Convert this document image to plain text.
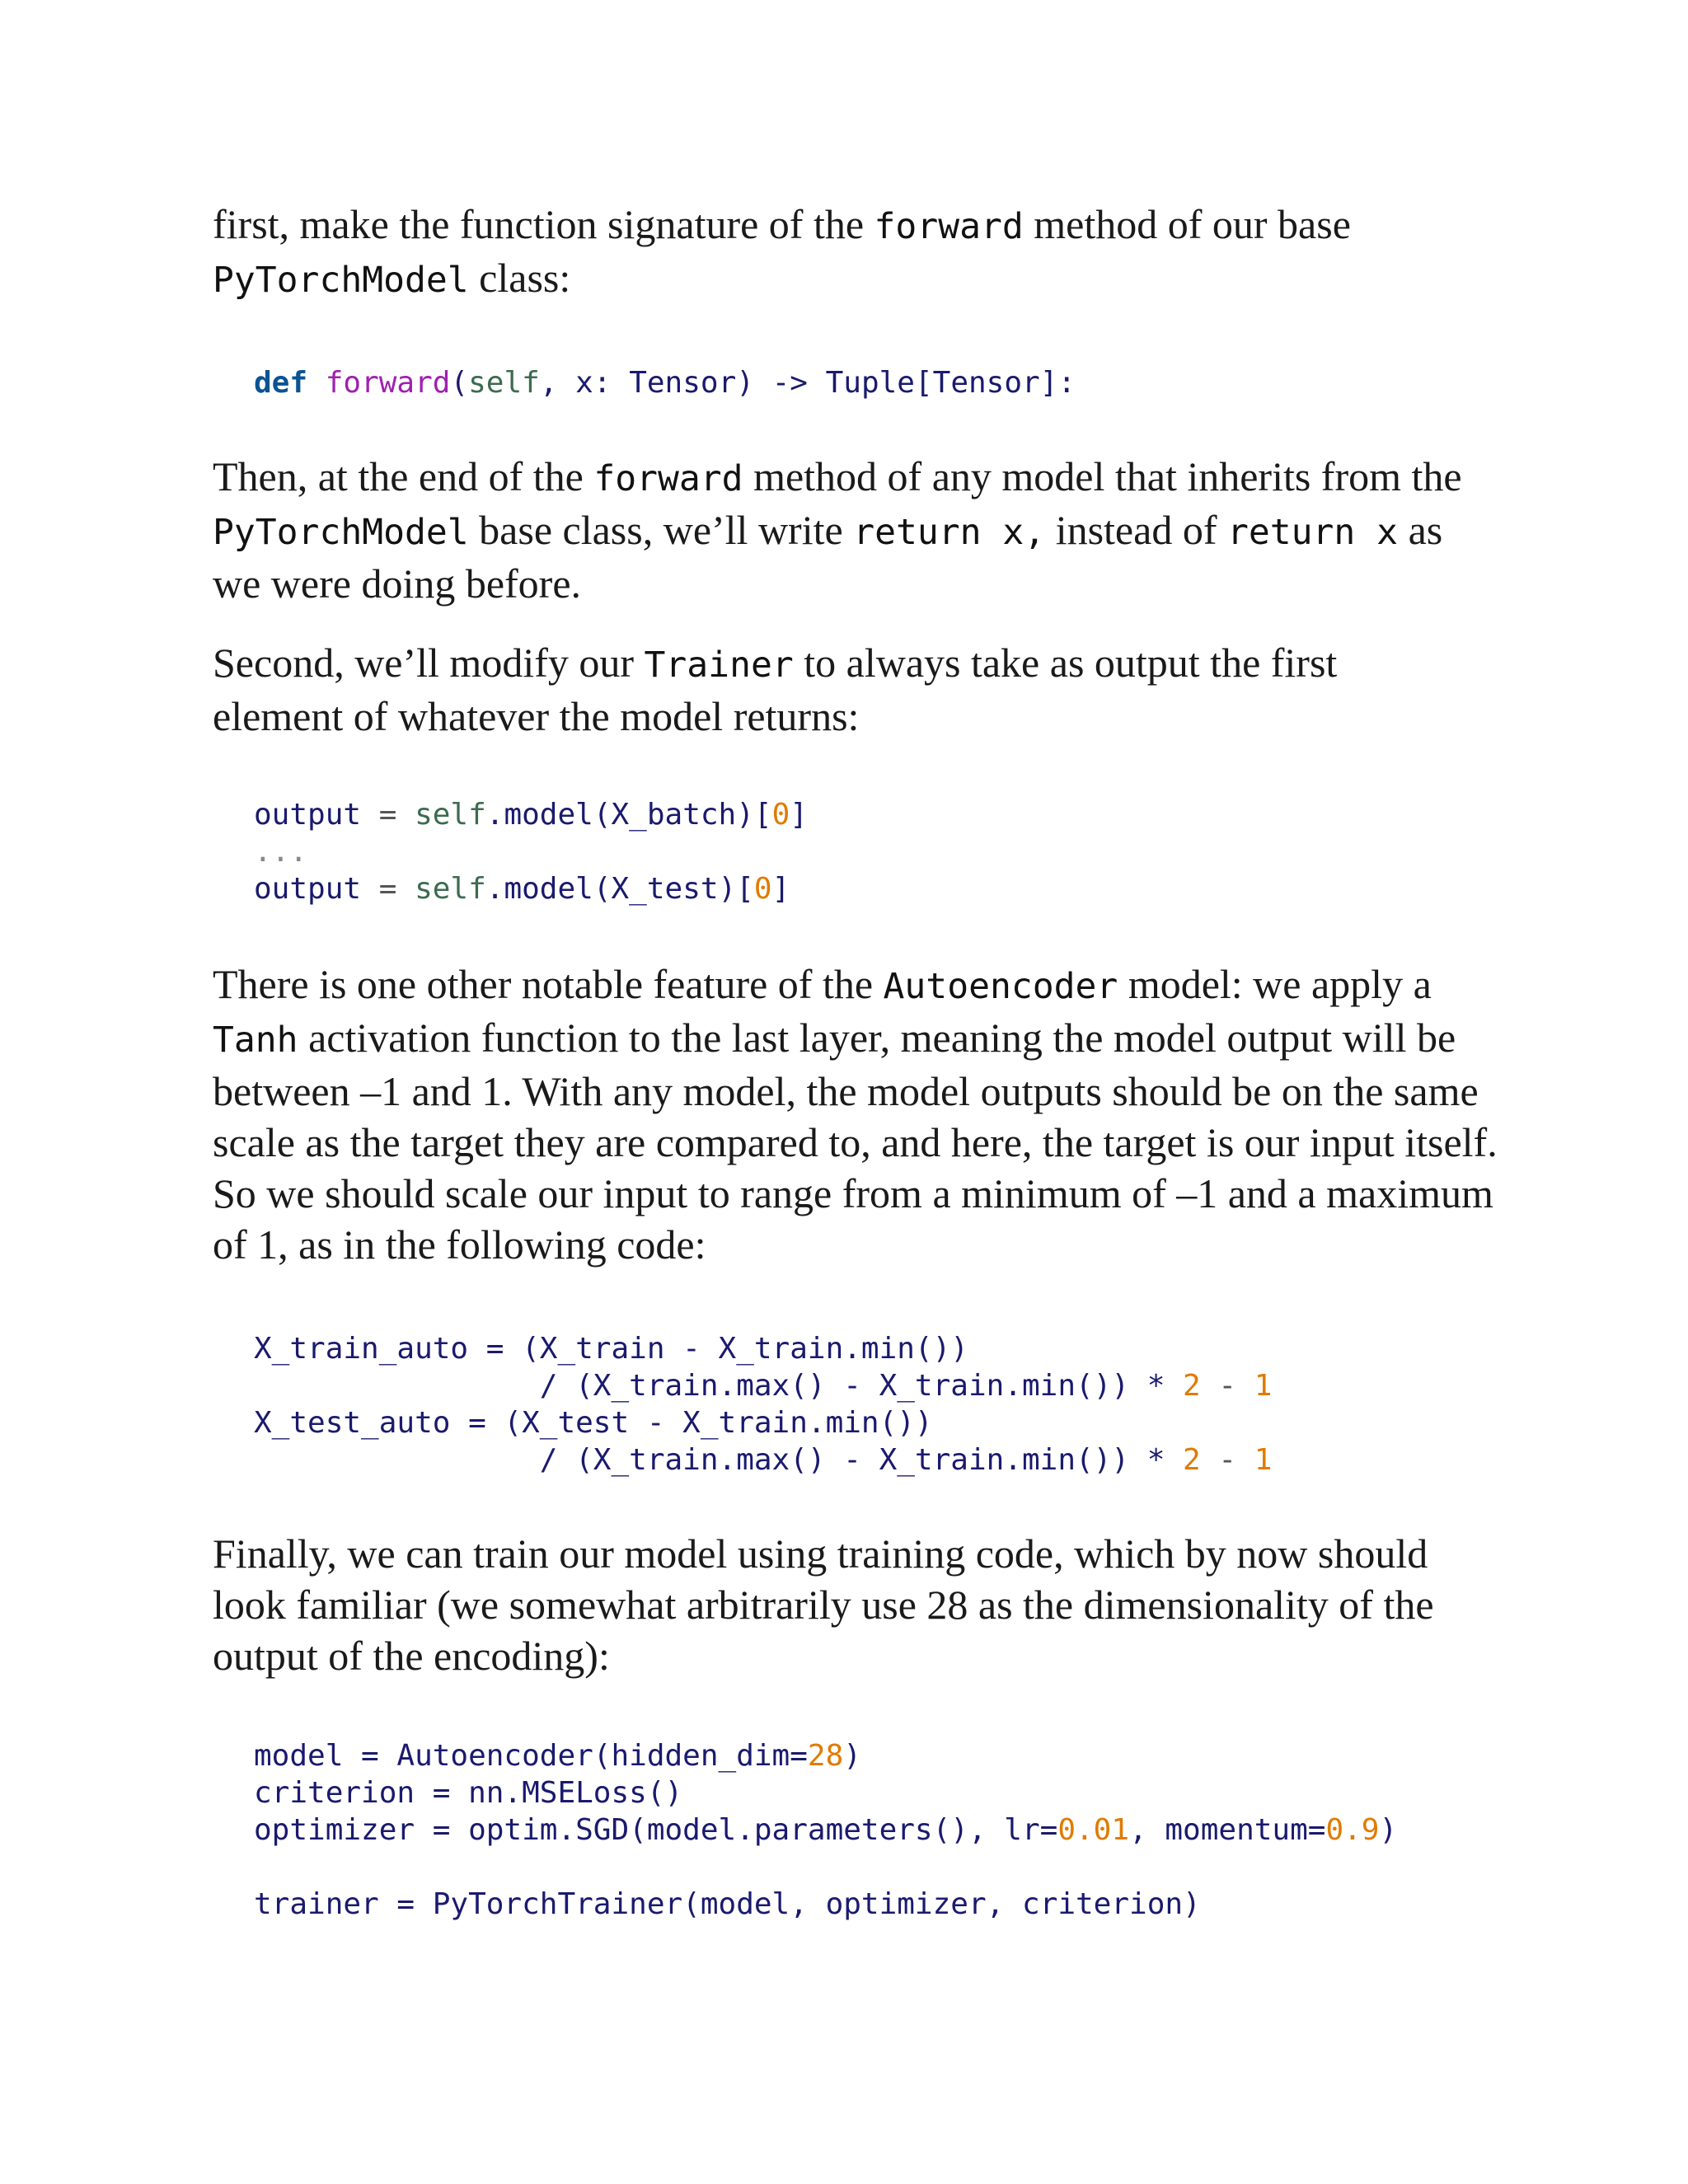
first, make the function signature of the forward method of our base
PyTorchModel class:

def forward(self, x: Tensor) -> Tuple[Tensor]:

Then, at the end of the forward method of any model that inherits from the
PyTorchModel base class, we’ll write return x, instead of return x as we were doing before.

Second, we’ll modify our Trainer to always take as output the first element of whatever the model returns:

output = self.model(X_batch)[0]
...
output = self.model(X_test)[0]

There is one other notable feature of the Autoencoder model: we apply a Tanh activation function to the last layer, meaning the model output will be between –1 and 1. With any model, the model outputs should be on the same scale as the target they are compared to, and here, the target is our input itself. So we should scale our input to range from a minimum of –1 and a maximum of 1, as in the following code:

X_train_auto = (X_train - X_train.min())
/ (X_train.max() - X_train.min()) * 2 - 1
X_test_auto = (X_test - X_train.min())
/ (X_train.max() - X_train.min()) * 2 - 1

Finally, we can train our model using training code, which by now should look familiar (we somewhat arbitrarily use 28 as the dimensionality of the output of the encoding):

model = Autoencoder(hidden_dim=28)
criterion = nn.MSELoss()
optimizer = optim.SGD(model.parameters(), lr=0.01, momentum=0.9)

trainer = PyTorchTrainer(model, optimizer, criterion)
